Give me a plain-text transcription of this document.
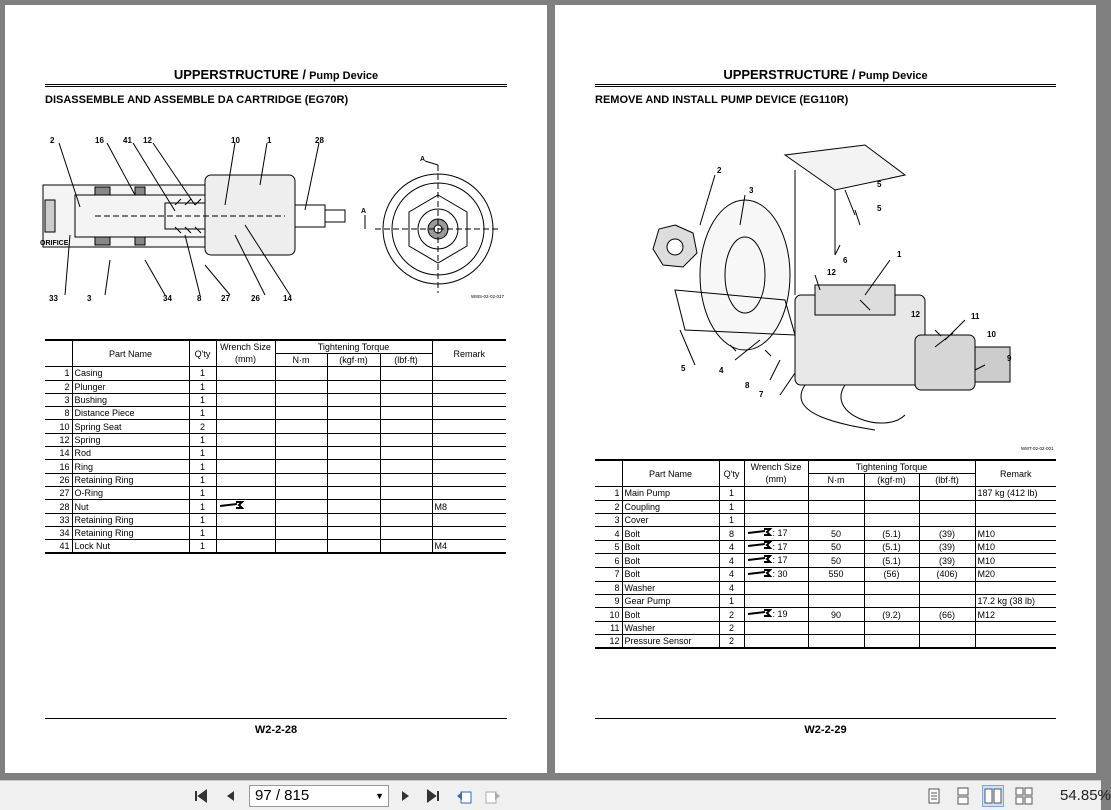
UPPERSTRUCTURE / Pump Device
DISASSEMBLE AND ASSEMBLE DA CARTRIDGE (EG70R)
2	16 41 12	10	1	28
ORIFICE
33	3	34	8 27	26	14
A
A
W8IS-02-02-017
	Part Name	Q'ty	Wrench Size
(mm)	Tightening Torque			Remark
				N·m	(kgf·m)	(lbf·ft)	
1	Casing	1					
2	Plunger	1					
3	Bushing	1					
8	Distance Piece	1					
10	Spring Seat	2					
12	Spring	1					
14	Rod	1					
16	Ring	1					
26	Retaining Ring	1					
27	O-Ring	1					
28	Nut	1					M8
33	Retaining Ring	1					
34	Retaining Ring	1					
41	Lock Nut	1					M4
W2-2-28
UPPERSTRUCTURE / Pump Device
REMOVE AND INSTALL PUMP DEVICE (EG110R)
2
3
5
5
6
12
1
12	11
10
9
5	4
8
7
W8IT-02-02-001
	Part Name	Q'ty	Wrench Size
(mm)	Tightening Torque			Remark
				N·m	(kgf·m)	(lbf·ft)	
1	Main Pump	1					187 kg (412 lb)
2	Coupling	1					
3	Cover	1					
4	Bolt	8	: 17	50	(5.1)	(39)	M10
5	Bolt	4	: 17	50	(5.1)	(39)	M10
6	Bolt	4	: 17	50	(5.1)	(39)	M10
7	Bolt	4	: 30	550	(56)	(406)	M20
8	Washer	4					
9	Gear Pump	1					17.2 kg (38 lb)
10	Bolt	2	: 19	90	(9.2)	(66)	M12
11	Washer	2					
12	Pressure Sensor	2					
W2-2-29
97 / 815	▼	54.85%
